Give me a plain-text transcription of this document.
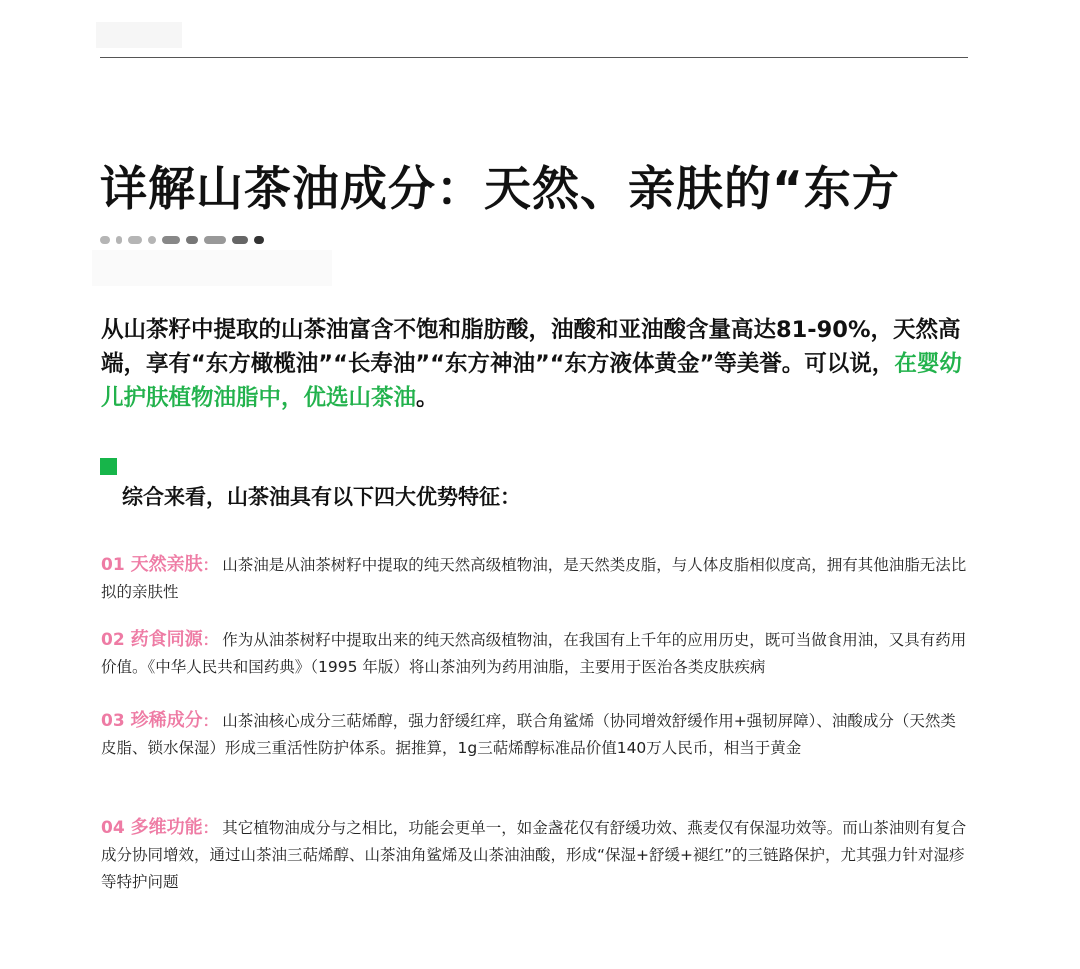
详解山茶油成分：天然、亲肤的“东方
从山茶籽中提取的山茶油富含不饱和脂肪酸，油酸和亚油酸含量高达81-90%，天然高端，享有“东方橄榄油”“长寿油”“东方神油”“东方液体黄金”等美誉。可以说，在婴幼儿护肤植物油脂中，优选山茶油。
综合来看，山茶油具有以下四大优势特征：
01 天然亲肤： 山茶油是从油茶树籽中提取的纯天然高级植物油，是天然类皮脂，与人体皮脂相似度高，拥有其他油脂无法比拟的亲肤性
02 药食同源： 作为从油茶树籽中提取出来的纯天然高级植物油，在我国有上千年的应用历史，既可当做食用油，又具有药用价值。《中华人民共和国药典》（1995 年版）将山茶油列为药用油脂，主要用于医治各类皮肤疾病
03 珍稀成分： 山茶油核心成分三萜烯醇，强力舒缓红痒，联合角鲨烯（协同增效舒缓作用+强韧屏障）、油酸成分（天然类皮脂、锁水保湿）形成三重活性防护体系。据推算，1g三萜烯醇标准品价值140万人民币，相当于黄金
04 多维功能： 其它植物油成分与之相比，功能会更单一，如金盏花仅有舒缓功效、燕麦仅有保湿功效等。而山茶油则有复合成分协同增效，通过山茶油三萜烯醇、山茶油角鲨烯及山茶油油酸，形成“保湿+舒缓+褪红”的三链路保护，尤其强力针对湿疹等特护问题
